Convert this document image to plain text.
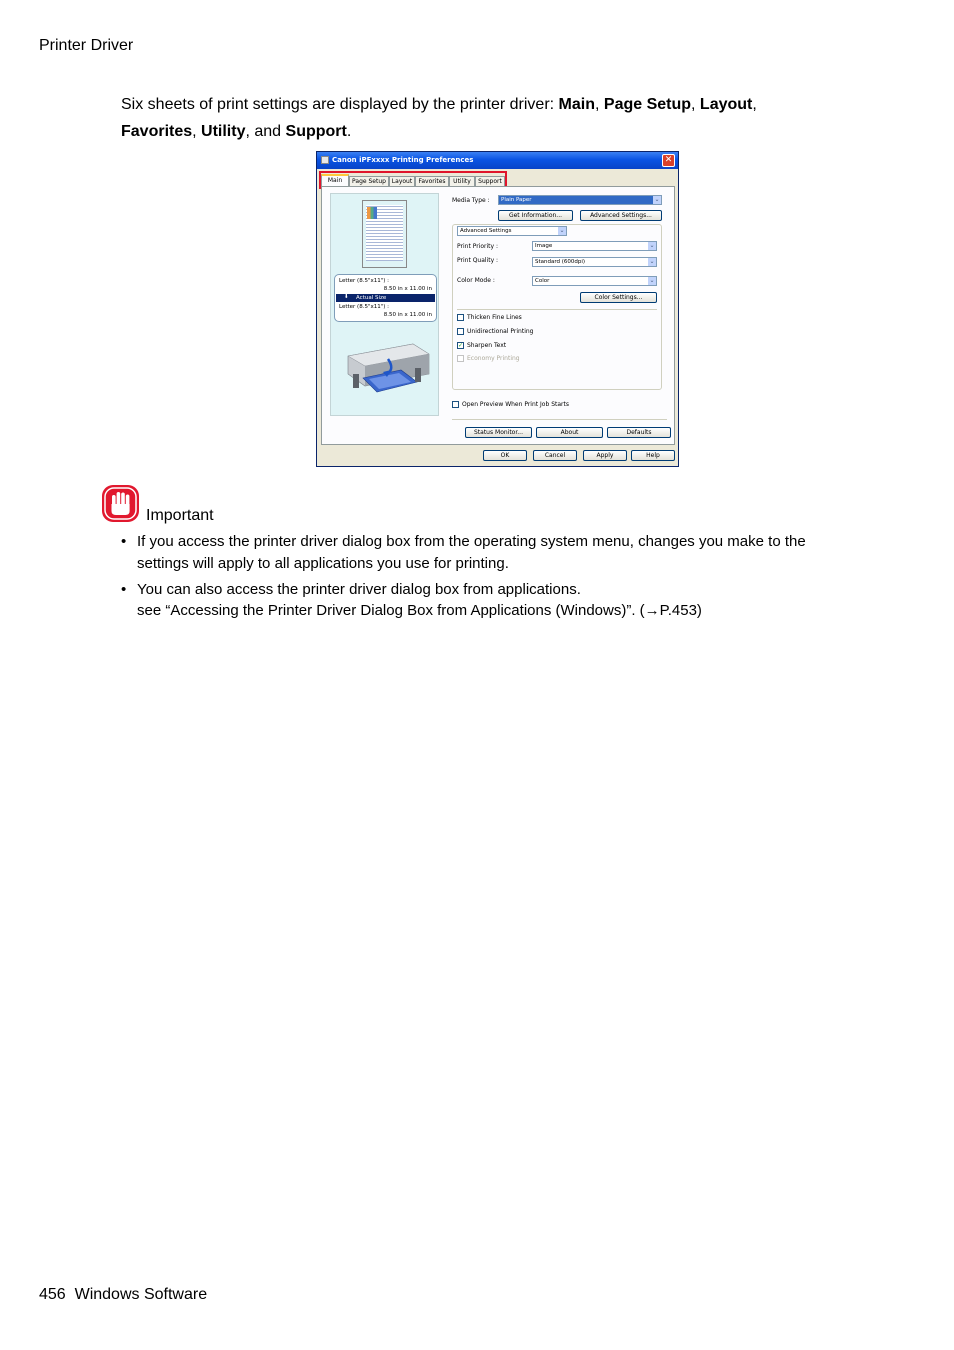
Printer Driver
Six sheets of print settings are displayed by the printer driver: Main, Page Setup, Layout,
Favorites, Utility, and Support.
Canon iPFxxxx Printing Preferences	✕
Main	Page Setup Layout	Favorites	Utility	Support
Letter (8.5"x11") :
8.50 in x 11.00 in
⬇ Actual Size
Letter (8.5"x11") :
8.50 in x 11.00 in
Media Type :	Plain Paper	⌄
Get Information...	Advanced Settings...
Advanced Settings	⌄
Print Priority :	Image	⌄
Print Quality :	Standard (600dpi)	⌄
Color Mode :	Color	⌄
Color Settings...
Thicken Fine Lines
Unidirectional Printing
✓ Sharpen Text
Economy Printing
Open Preview When Print Job Starts
Status Monitor...	About	Defaults
OK	Cancel	Apply	Help
Important
• If you access the printer driver dialog box from the operating system menu, changes you make to the
settings will apply to all applications you use for printing.
• You can also access the printer driver dialog box from applications.
see “Accessing the Printer Driver Dialog Box from Applications (Windows)”. (→P.453)
456 Windows Software
